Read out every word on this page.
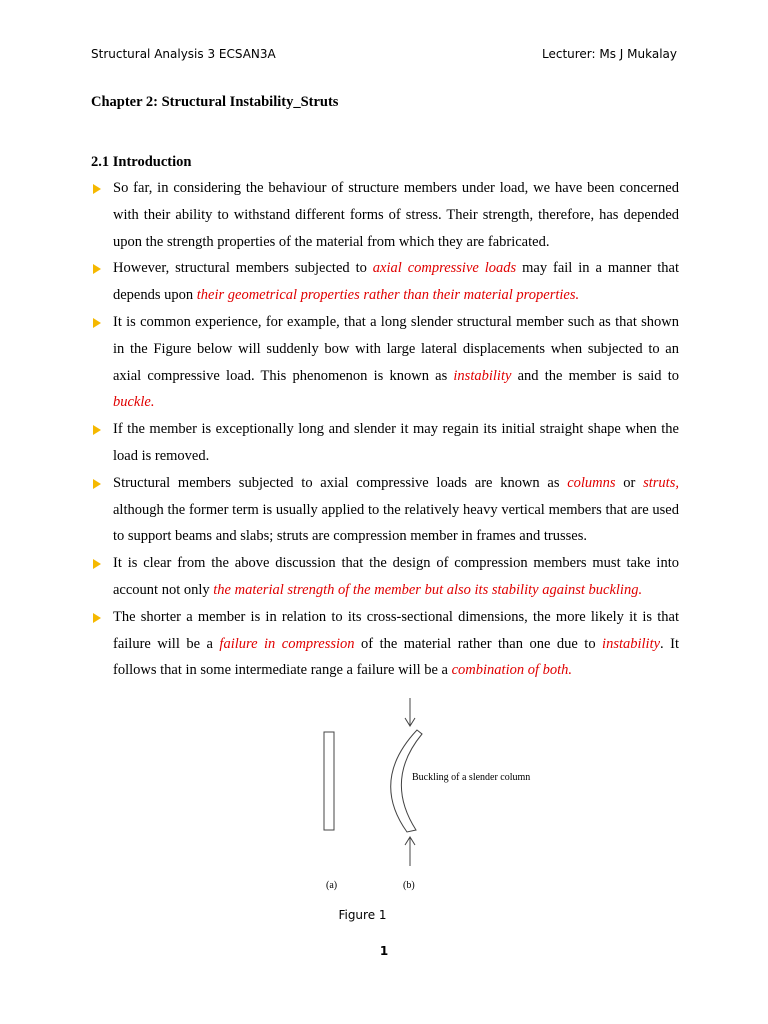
Structural Analysis 3 ECSAN3A	Lecturer: Ms J Mukalay
Chapter 2: Structural Instability_Struts
2.1 Introduction
So far, in considering the behaviour of structure members under load, we have been concerned with their ability to withstand different forms of stress. Their strength, therefore, has depended upon the strength properties of the material from which they are fabricated.
However, structural members subjected to axial compressive loads may fail in a manner that depends upon their geometrical properties rather than their material properties.
It is common experience, for example, that a long slender structural member such as that shown in the Figure below will suddenly bow with large lateral displacements when subjected to an axial compressive load. This phenomenon is known as instability and the member is said to buckle.
If the member is exceptionally long and slender it may regain its initial straight shape when the load is removed.
Structural members subjected to axial compressive loads are known as columns or struts, although the former term is usually applied to the relatively heavy vertical members that are used to support beams and slabs; struts are compression member in frames and trusses.
It is clear from the above discussion that the design of compression members must take into account not only the material strength of the member but also its stability against buckling.
The shorter a member is in relation to its cross-sectional dimensions, the more likely it is that failure will be a failure in compression of the material rather than one due to instability. It follows that in some intermediate range a failure will be a combination of both.
Buckling of a slender column
(a)	(b)
Figure 1
1
